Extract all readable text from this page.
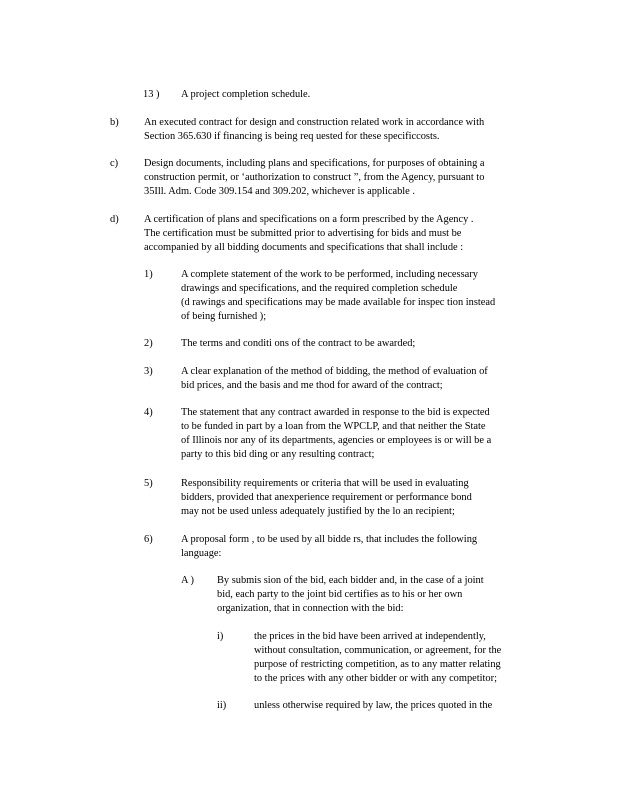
13 ) A project completion schedule.
b) An executed contract for design and construction related work in accordance with
Section 365.630 if financing is being req uested for these specificcosts.
c) Design documents, including plans and specifications, for purposes of obtaining a
construction permit, or ‘authorization to construct ”, from the Agency, pursuant to
35Ill. Adm. Code 309.154 and 309.202, whichever is applicable .
d) A certification of plans and specifications on a form prescribed by the Agency .
The certification must be submitted prior to advertising for bids and must be
accompanied by all bidding documents and specifications that shall include :
1)	A complete statement of the work to be performed, including necessary
drawings and specifications, and the required completion schedule
(d rawings and specifications may be made available for inspec tion instead
of being furnished );
2)	The terms and conditi ons of the contract to be awarded;
3)	A clear explanation of the method of bidding, the method of evaluation of
bid prices, and the basis and me thod for award of the contract;
4)	The statement that any contract awarded in response to the bid is expected
to be funded in part by a loan from the WPCLP, and that neither the State
of Illinois nor any of its departments, agencies or employees is or will be a
party to this bid ding or any resulting contract;
5)	Responsibility requirements or criteria that will be used in evaluating
bidders, provided that anexperience requirement or performance bond
may not be used unless adequately justified by the lo an recipient;
6)	A proposal form , to be used by all bidde rs, that includes the following
language:
A ) By submis sion of the bid, each bidder and, in the case of a joint
bid, each party to the joint bid certifies as to his or her own
organization, that in connection with the bid:
i)	the prices in the bid have been arrived at independently,
without consultation, communication, or agreement, for the
purpose of restricting competition, as to any matter relating
to the prices with any other bidder or with any competitor;
ii)	unless otherwise required by law, the prices quoted in the
